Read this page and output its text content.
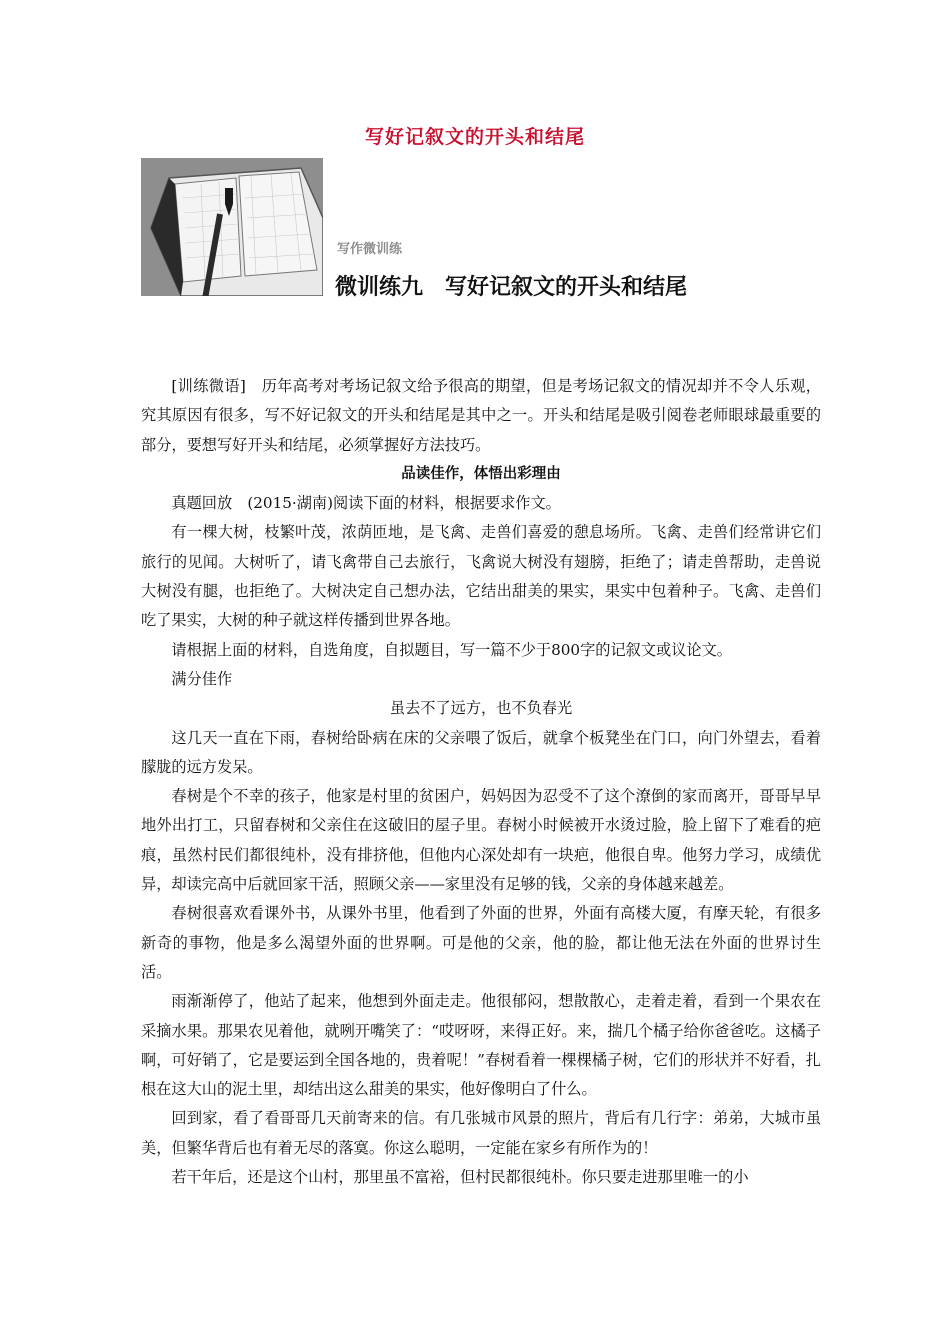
写好记叙文的开头和结尾
写作微训练
微训练九　写好记叙文的开头和结尾

[训练微语]　历年高考对考场记叙文给予很高的期望，但是考场记叙文的情况却并不令人乐观，究其原因有很多，写不好记叙文的开头和结尾是其中之一。开头和结尾是吸引阅卷老师眼球最重要的部分，要想写好开头和结尾，必须掌握好方法技巧。

品读佳作，体悟出彩理由

真题回放　(2015·湖南)阅读下面的材料，根据要求作文。

有一棵大树，枝繁叶茂，浓荫匝地，是飞禽、走兽们喜爱的憩息场所。飞禽、走兽们经常讲它们旅行的见闻。大树听了，请飞禽带自己去旅行，飞禽说大树没有翅膀，拒绝了；请走兽帮助，走兽说大树没有腿，也拒绝了。大树决定自己想办法，它结出甜美的果实，果实中包着种子。飞禽、走兽们吃了果实，大树的种子就这样传播到世界各地。

请根据上面的材料，自选角度，自拟题目，写一篇不少于800字的记叙文或议论文。

满分佳作

虽去不了远方，也不负春光

这几天一直在下雨，春树给卧病在床的父亲喂了饭后，就拿个板凳坐在门口，向门外望去，看着朦胧的远方发呆。

春树是个不幸的孩子，他家是村里的贫困户，妈妈因为忍受不了这个潦倒的家而离开，哥哥早早地外出打工，只留春树和父亲住在这破旧的屋子里。春树小时候被开水烫过脸，脸上留下了难看的疤痕，虽然村民们都很纯朴，没有排挤他，但他内心深处却有一块疤，他很自卑。他努力学习，成绩优异，却读完高中后就回家干活，照顾父亲——家里没有足够的钱，父亲的身体越来越差。

春树很喜欢看课外书，从课外书里，他看到了外面的世界，外面有高楼大厦，有摩天轮，有很多新奇的事物，他是多么渴望外面的世界啊。可是他的父亲，他的脸，都让他无法在外面的世界讨生活。

雨渐渐停了，他站了起来，他想到外面走走。他很郁闷，想散散心，走着走着，看到一个果农在采摘水果。那果农见着他，就咧开嘴笑了：“哎呀呀，来得正好。来，揣几个橘子给你爸爸吃。这橘子啊，可好销了，它是要运到全国各地的，贵着呢！”春树看着一棵棵橘子树，它们的形状并不好看，扎根在这大山的泥土里，却结出这么甜美的果实，他好像明白了什么。

回到家，看了看哥哥几天前寄来的信。有几张城市风景的照片，背后有几行字：弟弟，大城市虽美，但繁华背后也有着无尽的落寞。你这么聪明，一定能在家乡有所作为的！

若干年后，还是这个山村，那里虽不富裕，但村民都很纯朴。你只要走进那里唯一的小
